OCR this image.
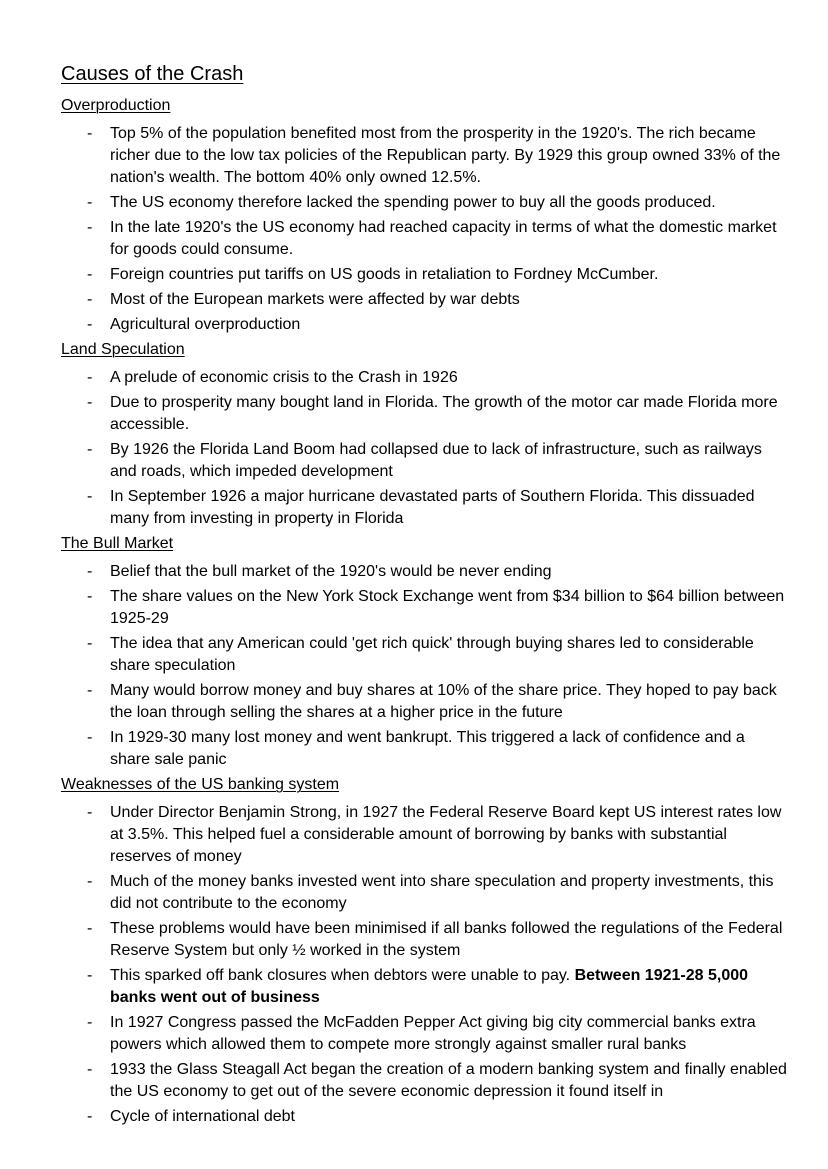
Causes of the Crash
Overproduction
- Top 5% of the population benefited most from the prosperity in the 1920's. The rich became richer due to the low tax policies of the Republican party. By 1929 this group owned 33% of the nation's wealth. The bottom 40% only owned 12.5%.
- The US economy therefore lacked the spending power to buy all the goods produced.
- In the late 1920's the US economy had reached capacity in terms of what the domestic market for goods could consume.
- Foreign countries put tariffs on US goods in retaliation to Fordney McCumber.
- Most of the European markets were affected by war debts
- Agricultural overproduction
Land Speculation
- A prelude of economic crisis to the Crash in 1926
- Due to prosperity many bought land in Florida. The growth of the motor car made Florida more accessible.
- By 1926 the Florida Land Boom had collapsed due to lack of infrastructure, such as railways and roads, which impeded development
- In September 1926 a major hurricane devastated parts of Southern Florida. This dissuaded many from investing in property in Florida
The Bull Market
- Belief that the bull market of the 1920's would be never ending
- The share values on the New York Stock Exchange went from $34 billion to $64 billion between 1925-29
- The idea that any American could 'get rich quick' through buying shares led to considerable share speculation
- Many would borrow money and buy shares at 10% of the share price. They hoped to pay back the loan through selling the shares at a higher price in the future
- In 1929-30 many lost money and went bankrupt. This triggered a lack of confidence and a share sale panic
Weaknesses of the US banking system
- Under Director Benjamin Strong, in 1927 the Federal Reserve Board kept US interest rates low at 3.5%. This helped fuel a considerable amount of borrowing by banks with substantial reserves of money
- Much of the money banks invested went into share speculation and property investments, this did not contribute to the economy
- These problems would have been minimised if all banks followed the regulations of the Federal Reserve System but only ½ worked in the system
- This sparked off bank closures when debtors were unable to pay. Between 1921-28 5,000 banks went out of business
- In 1927 Congress passed the McFadden Pepper Act giving big city commercial banks extra powers which allowed them to compete more strongly against smaller rural banks
- 1933 the Glass Steagall Act began the creation of a modern banking system and finally enabled the US economy to get out of the severe economic depression it found itself in
- Cycle of international debt
